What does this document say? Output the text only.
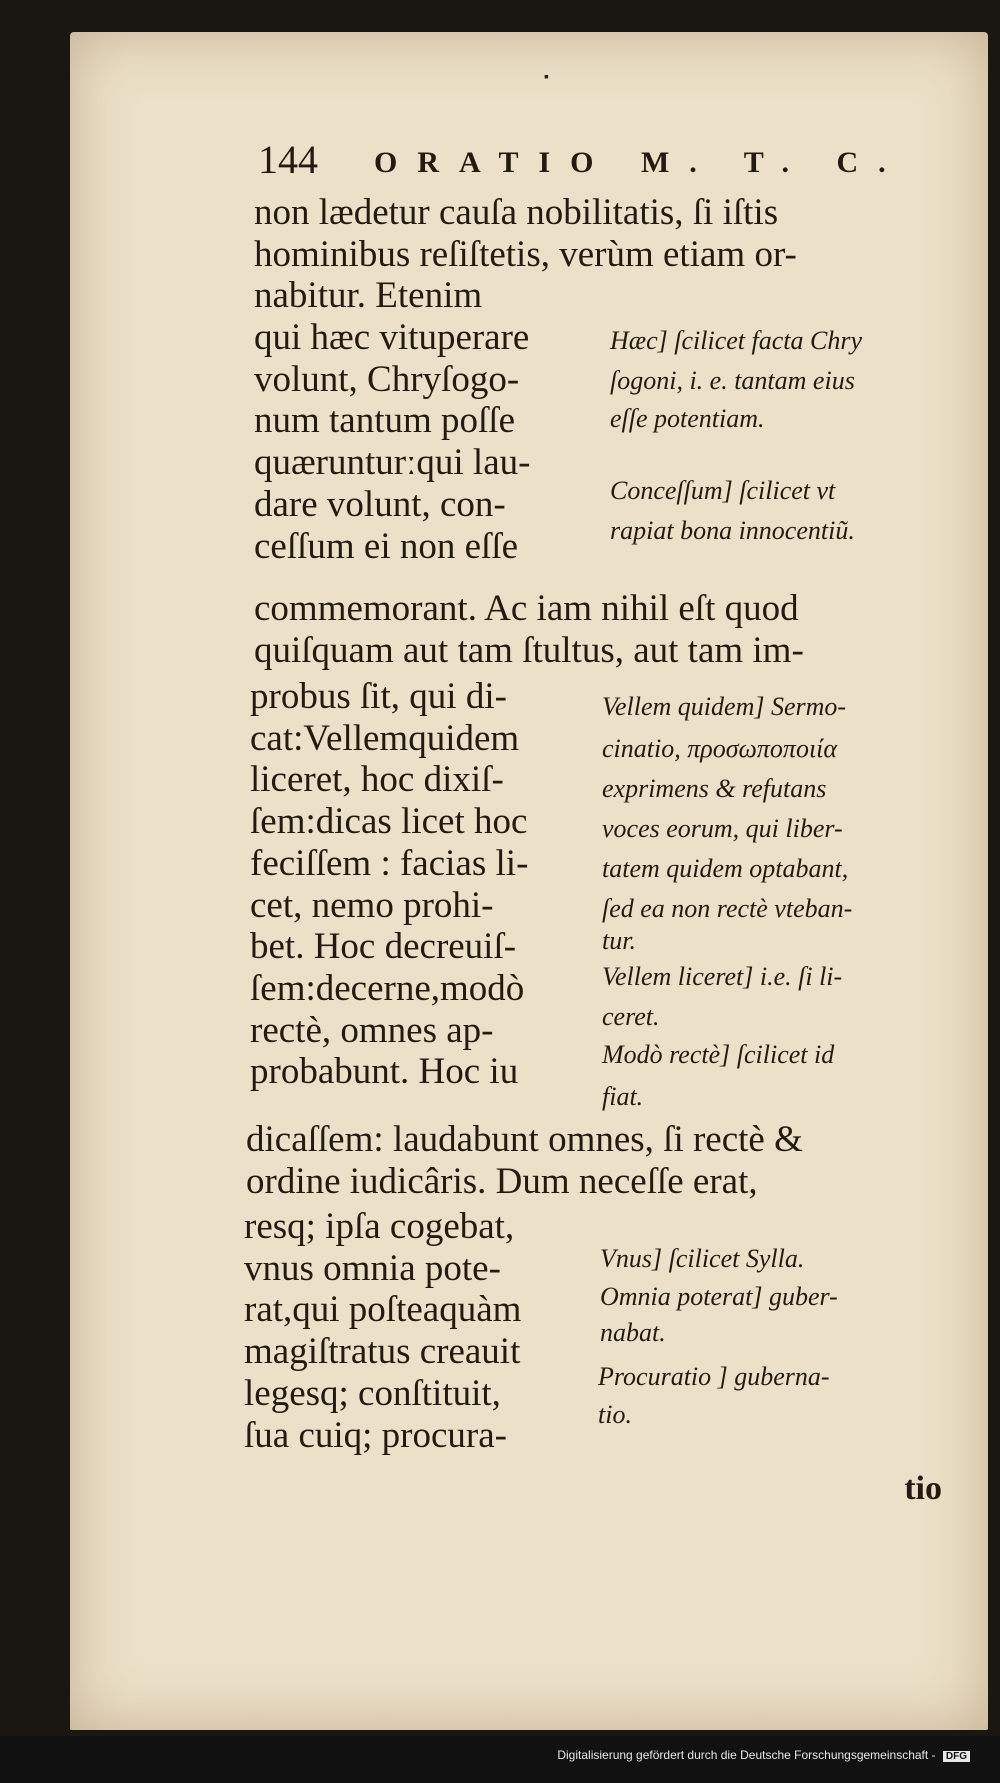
▪
144 ORATIO M. T. C.
non lædetur cauſa nobilitatis, ſi iſtis
hominibus reſiſtetis, verùm etiam or-
nabitur. Etenim
qui hæc vituperare
volunt, Chryſogo-
num tantum poſſe
quærunturːqui lau-
dare volunt, con-
ceſſum ei non eſſe
commemorant. Ac iam nihil eſt quod
quiſquam aut tam ſtultus, aut tam im-
probus ſit, qui di-
cat:Vellemquidem
liceret, hoc dixiſ-
ſem:dicas licet hoc
feciſſem : facias li-
cet, nemo prohi-
bet. Hoc decreuiſ-
ſem:decerne,modò
rectè, omnes ap-
probabunt. Hoc iu
dicaſſem: laudabunt omnes, ſi rectè &
ordine iudicâris. Dum neceſſe erat,
resq; ipſa cogebat,
vnus omnia pote-
rat,qui poſteaquàm
magiſtratus creauit
legesq; conſtituit,
ſua cuiq; procura-
Hæc] ſcilicet facta Chry
ſogoni, i. e. tantam eius
eſſe potentiam.
Conceſſum] ſcilicet vt
rapiat bona innocentiũ.
Vellem quidem] Sermo-
cinatio, προσωποποιία
exprimens & refutans
voces eorum, qui liber-
tatem quidem optabant,
ſed ea non rectè vteban-
tur.
Vellem liceret] i.e. ſi li-
ceret.
Modò rectè] ſcilicet id
fiat.
Vnus] ſcilicet Sylla.
Omnia poterat] guber-
nabat.
Procuratio ] guberna-
tio.
tio
Digitalisierung gefördert durch die Deutsche Forschungsgemeinschaft - DFG
